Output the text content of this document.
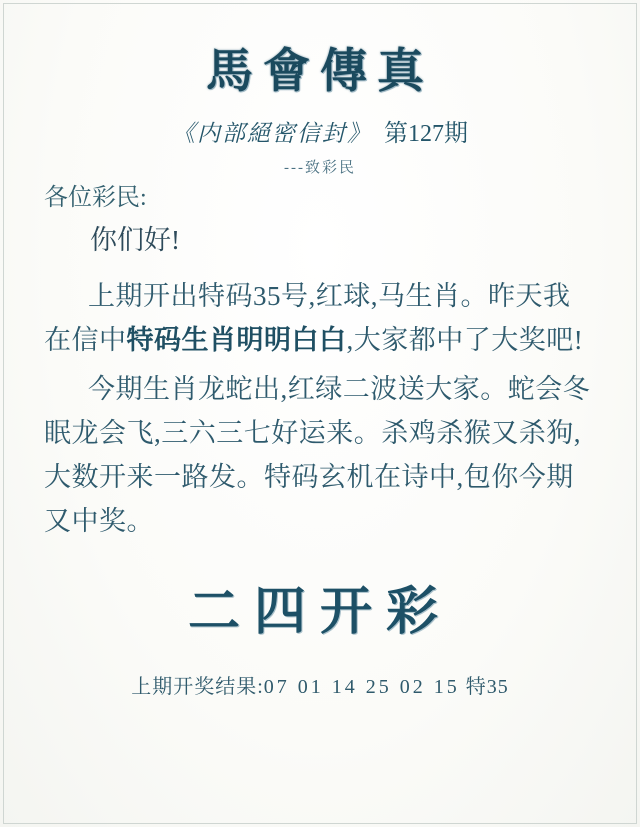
馬會傳真
《内部絕密信封》 第127期
---致彩民
各位彩民:
你们好!
上期开出特码35号,红球,马生肖。昨天我在信中特码生肖明明白白,大家都中了大奖吧!
今期生肖龙蛇出,红绿二波送大家。蛇会冬眠龙会飞,三六三七好运来。杀鸡杀猴又杀狗,大数开来一路发。特码玄机在诗中,包你今期又中奖。
二四开彩
上期开奖结果:07 01 14 25 02 15 特35
